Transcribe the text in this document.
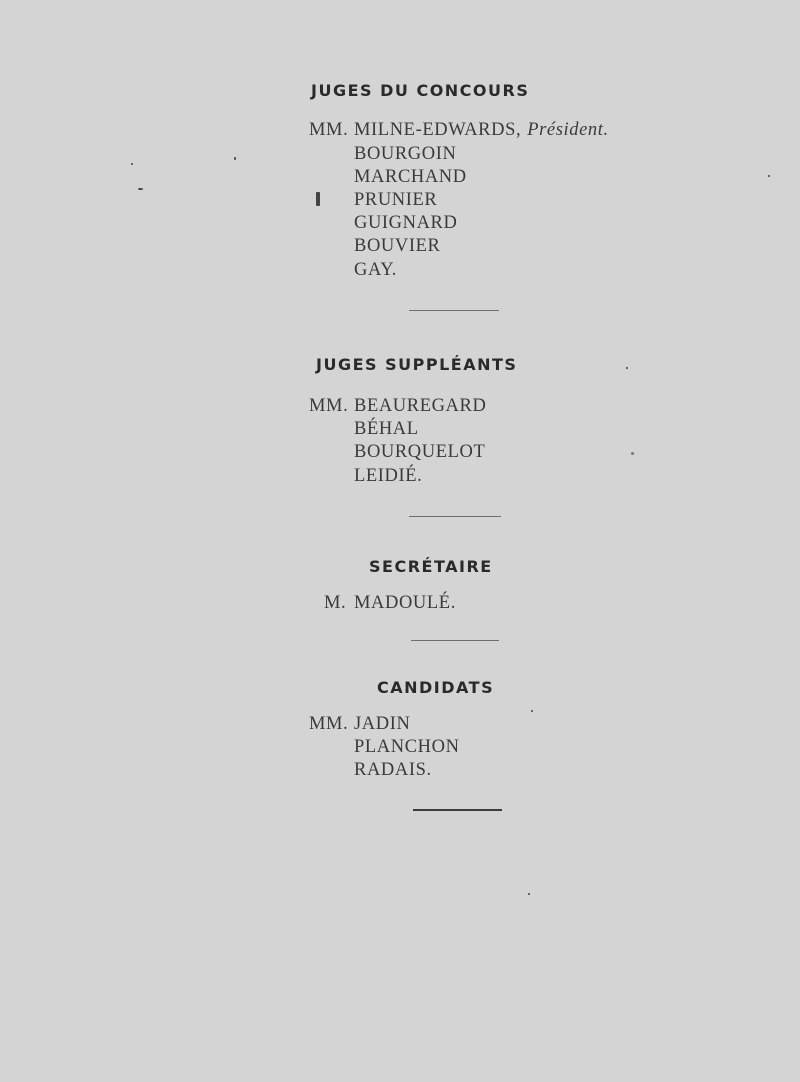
JUGES DU CONCOURS
MM. MILNE-EDWARDS, Président.
BOURGOIN
MARCHAND
PRUNIER
GUIGNARD
BOUVIER
GAY.
JUGES SUPPLÉANTS
MM. BEAUREGARD
BÉHAL
BOURQUELOT
LEIDIÉ.
SECRÉTAIRE
M. MADOULÉ.
CANDIDATS
MM. JADIN
PLANCHON
RADAIS.
